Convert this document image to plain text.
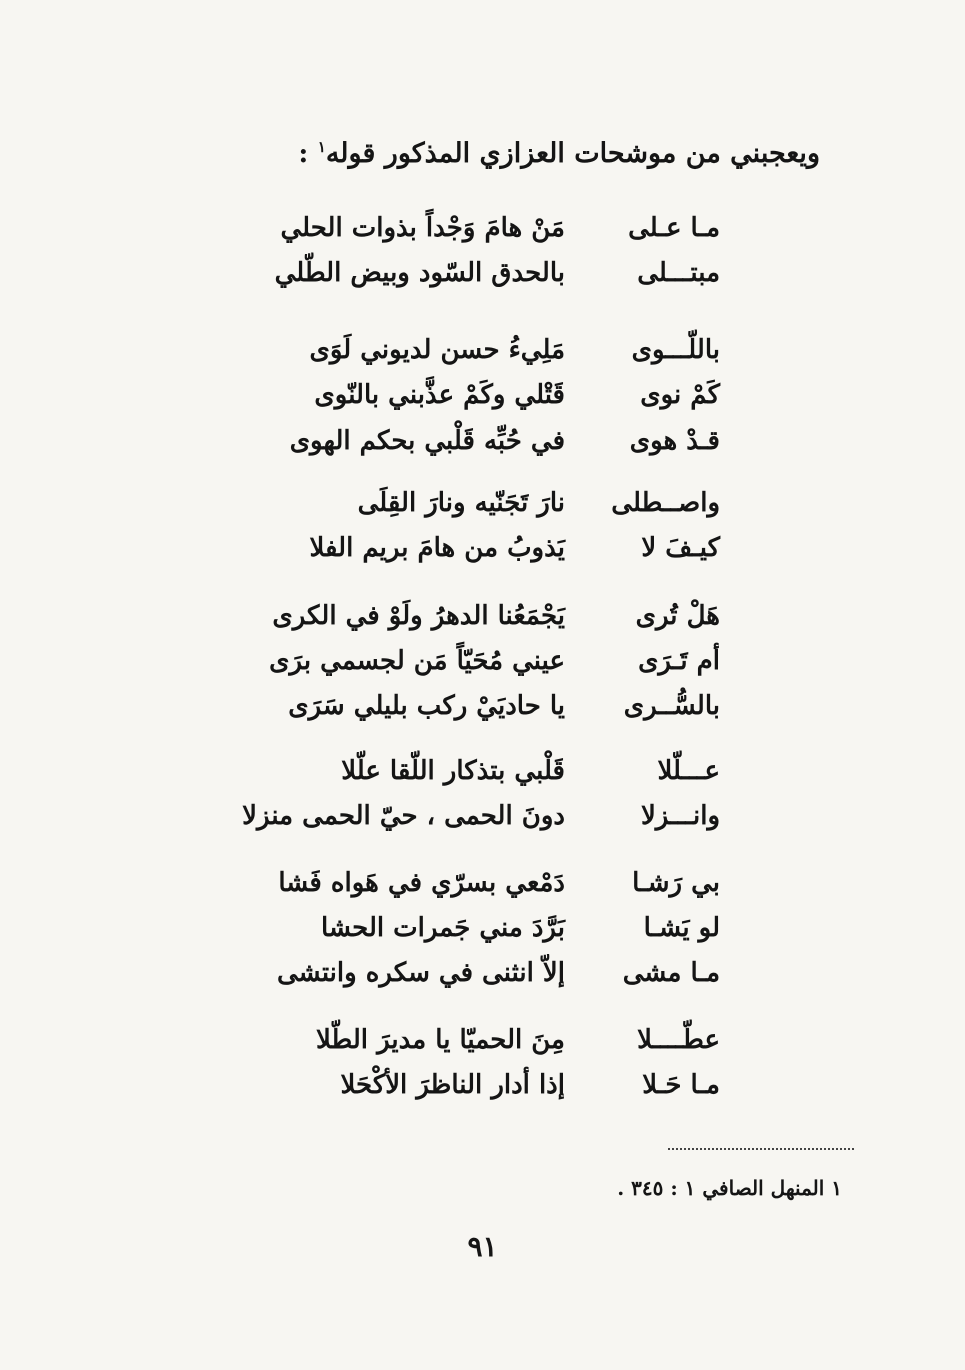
ويعجبني من موشحات العزازي المذكور قوله$^١$ :
مـا عـلى
مَنْ هامَ وَجْداً بذوات الحلي
مبتـــلى
بالحدق السّود وبيض الطّلي
باللّـــوى
مَلِيءُ حسن لديوني لَوَى
كَمْ نوى
قَتْلي وكَمْ عذَّبني بالنّوى
قـدْ هوى
في حُبِّه قَلْبي بحكم الهوى
واصــطلى
نارَ تَجَنّيه ونارَ القِلَى
كيـفَ لا
يَذوبُ من هامَ بريم الفلا
هَلْ تُرى
يَجْمَعُنا الدهرُ ولَوْ في الكرى
أم تَـرَى
عيني مُحَيّاً مَن لجسمي برَى
بالسُّــرى
يا حاديَيْ ركب بليلي سَرَى
عـــلّلا
قَلْبي بتذكار اللّقا علّلا
وانـــزلا
دونَ الحمى ، حيّ الحمى منزلا
بي رَشـا
دَمْعي بسرّي في هَواه فَشا
لو يَشـا
بَرَّدَ مني جَمرات الحشا
مـا مشى
إلاّ انثنى في سكره وانتشى
عطّــــلا
مِنَ الحميّا يا مديرَ الطّلا
مـا حَـلا
إذا أدار الناظرَ الأكْحَلا
١ المنهل الصافي ١ : ٣٤٥ .
٩١
